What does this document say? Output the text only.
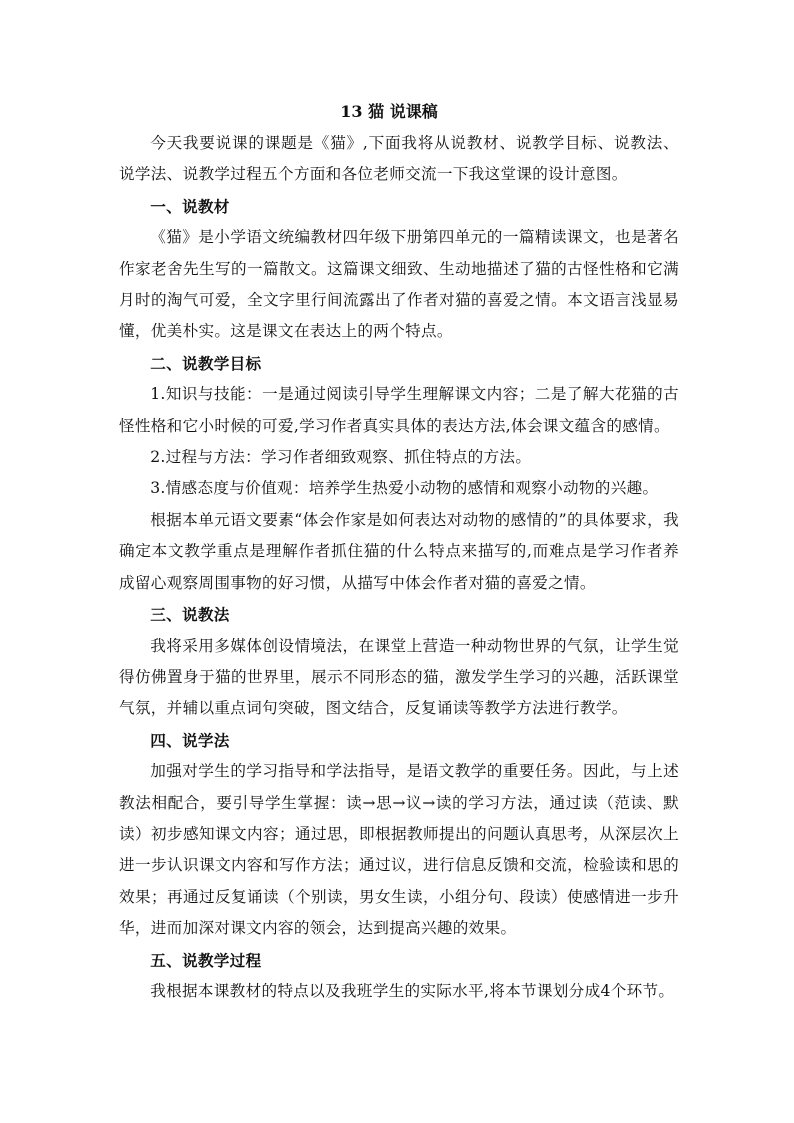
13 猫 说课稿

今天我要说课的课题是《猫》,下面我将从说教材、说教学目标、说教法、说学法、说教学过程五个方面和各位老师交流一下我这堂课的设计意图。

一、说教材

《猫》是小学语文统编教材四年级下册第四单元的一篇精读课文，也是著名作家老舍先生写的一篇散文。这篇课文细致、生动地描述了猫的古怪性格和它满月时的淘气可爱，全文字里行间流露出了作者对猫的喜爱之情。本文语言浅显易懂，优美朴实。这是课文在表达上的两个特点。

二、说教学目标

1.知识与技能：一是通过阅读引导学生理解课文内容；二是了解大花猫的古怪性格和它小时候的可爱,学习作者真实具体的表达方法,体会课文蕴含的感情。

2.过程与方法：学习作者细致观察、抓住特点的方法。

3.情感态度与价值观：培养学生热爱小动物的感情和观察小动物的兴趣。

根据本单元语文要素“体会作家是如何表达对动物的感情的”的具体要求，我确定本文教学重点是理解作者抓住猫的什么特点来描写的,而难点是学习作者养成留心观察周围事物的好习惯，从描写中体会作者对猫的喜爱之情。

三、说教法

我将采用多媒体创设情境法，在课堂上营造一种动物世界的气氛，让学生觉得仿佛置身于猫的世界里，展示不同形态的猫，激发学生学习的兴趣，活跃课堂气氛，并辅以重点词句突破，图文结合，反复诵读等教学方法进行教学。

四、说学法

加强对学生的学习指导和学法指导，是语文教学的重要任务。因此，与上述教法相配合，要引导学生掌握：读→思→议→读的学习方法，通过读（范读、默读）初步感知课文内容；通过思，即根据教师提出的问题认真思考，从深层次上进一步认识课文内容和写作方法；通过议，进行信息反馈和交流，检验读和思的效果；再通过反复诵读（个别读，男女生读，小组分句、段读）使感情进一步升华，进而加深对课文内容的领会，达到提高兴趣的效果。

五、说教学过程

我根据本课教材的特点以及我班学生的实际水平,将本节课划分成4个环节。
